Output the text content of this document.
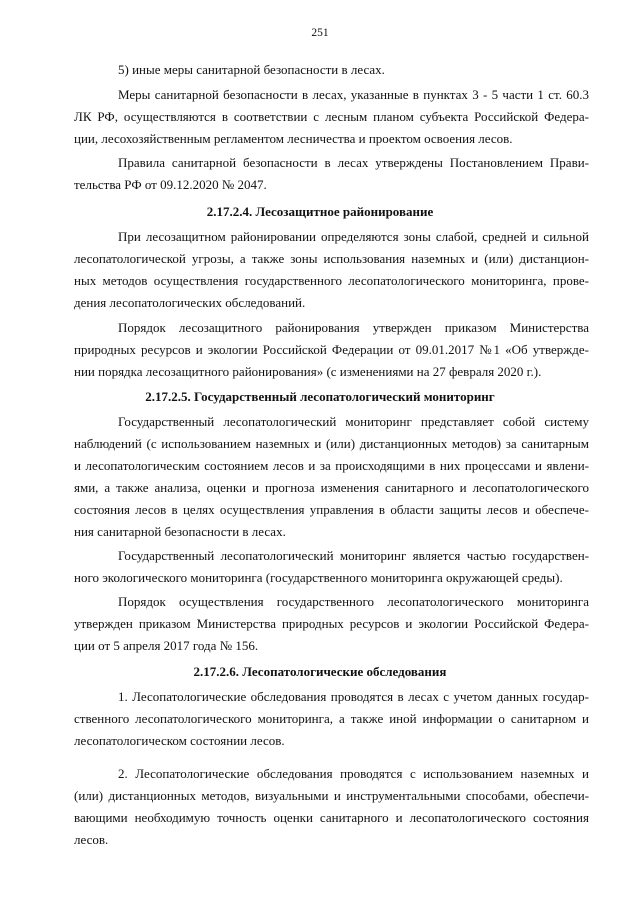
251
5) иные меры санитарной безопасности в лесах.
Меры санитарной безопасности в лесах, указанные в пунктах 3 - 5 части 1 ст. 60.3
ЛК РФ, осуществляются в соответствии с лесным планом субъекта Российской Федера-
ции, лесохозяйственным регламентом лесничества и проектом освоения лесов.
Правила санитарной безопасности в лесах утверждены Постановлением Прави-
тельства РФ от 09.12.2020 № 2047.
2.17.2.4. Лесозащитное районирование
При лесозащитном районировании определяются зоны слабой, средней и сильной
лесопатологической угрозы, а также зоны использования наземных и (или) дистанцион-
ных методов осуществления государственного лесопатологического мониторинга, прове-
дения лесопатологических обследований.
Порядок лесозащитного районирования утвержден приказом Министерства
природных ресурсов и экологии Российской Федерации от 09.01.2017 №1 «Об утвержде-
нии порядка лесозащитного районирования» (с изменениями на 27 февраля 2020 г.).
2.17.2.5. Государственный лесопатологический мониторинг
Государственный лесопатологический мониторинг представляет собой систему
наблюдений (с использованием наземных и (или) дистанционных методов) за санитарным
и лесопатологическим состоянием лесов и за происходящими в них процессами и явлени-
ями, а также анализа, оценки и прогноза изменения санитарного и лесопатологического
состояния лесов в целях осуществления управления в области защиты лесов и обеспече-
ния санитарной безопасности в лесах.
Государственный лесопатологический мониторинг является частью государствен-
ного экологического мониторинга (государственного мониторинга окружающей среды).
Порядок осуществления государственного лесопатологического мониторинга
утвержден приказом Министерства природных ресурсов и экологии Российской Федера-
ции от 5 апреля 2017 года № 156.
2.17.2.6. Лесопатологические обследования
1. Лесопатологические обследования проводятся в лесах с учетом данных государ-
ственного лесопатологического мониторинга, а также иной информации о санитарном и
лесопатологическом состоянии лесов.
2. Лесопатологические обследования проводятся с использованием наземных и
(или) дистанционных методов, визуальными и инструментальными способами, обеспечи-
вающими необходимую точность оценки санитарного и лесопатологического состояния
лесов.
